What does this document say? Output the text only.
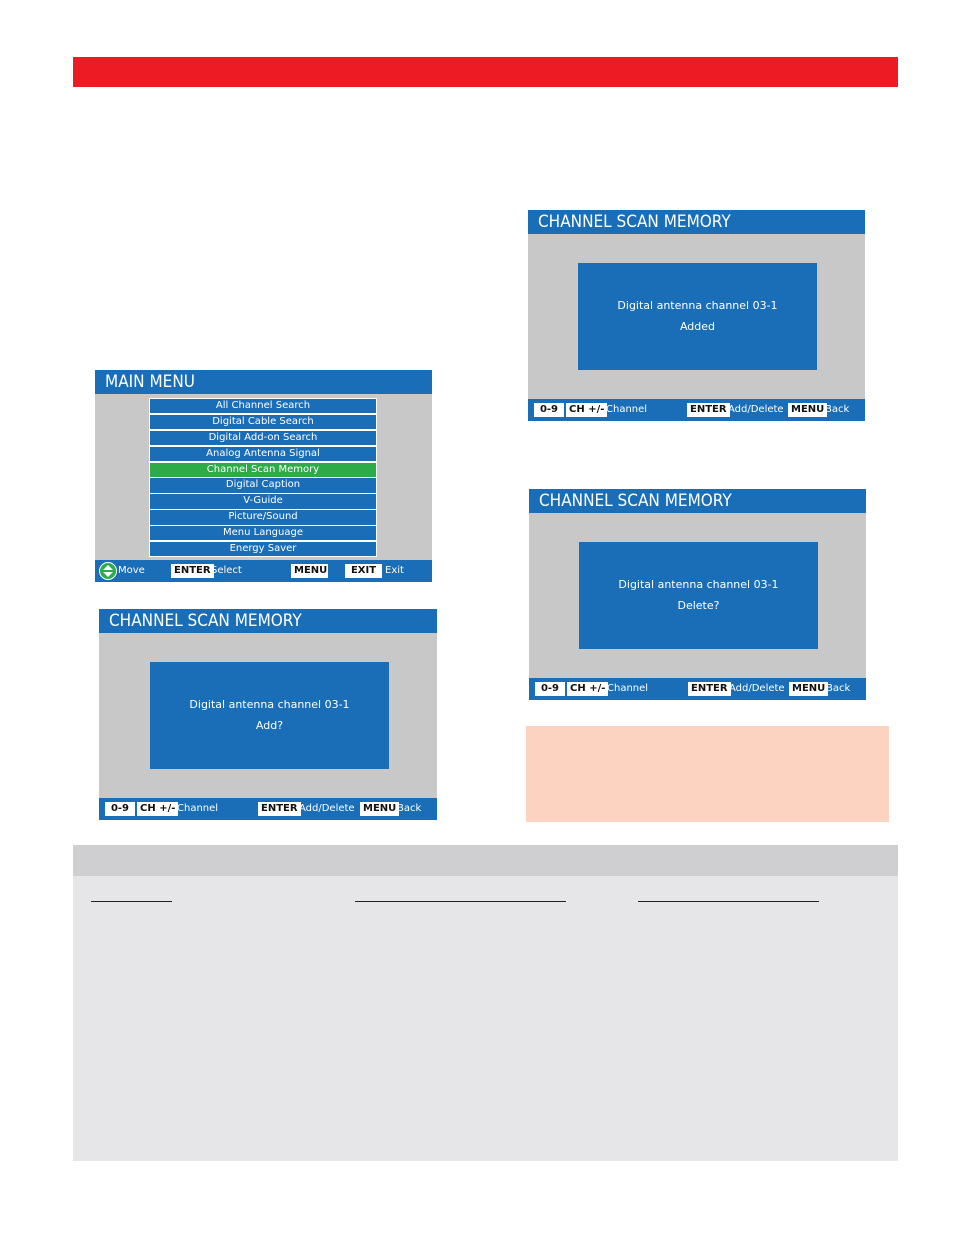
MAIN MENU
All Channel Search
Digital Cable Search
Digital Add-on Search
Analog Antenna Signal
Channel Scan Memory
Digital Caption
V-Guide
Picture/Sound
Menu Language
Energy Saver
Move	ENTER Select	MENU	EXIT Exit
CHANNEL SCAN MEMORY
Digital antenna channel 03-1
Add?
0-9	CH +/- Channel	ENTER Add/Delete MENU Back
CHANNEL SCAN MEMORY
Digital antenna channel 03-1
Added
0-9	CH +/- Channel	ENTER Add/Delete MENU Back
CHANNEL SCAN MEMORY
Digital antenna channel 03-1
Delete?
0-9	CH +/- Channel	ENTER Add/Delete MENU Back
